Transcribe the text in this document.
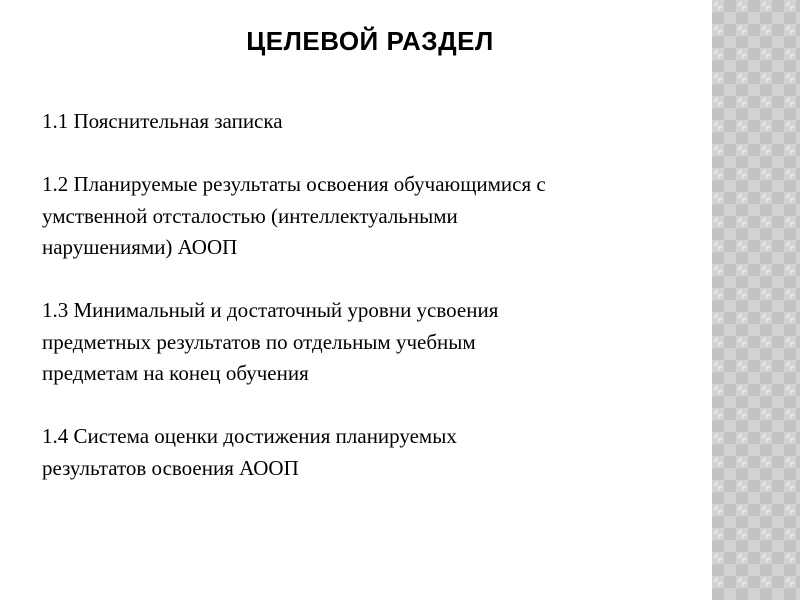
ЦЕЛЕВОЙ РАЗДЕЛ

1.1 Пояснительная записка

1.2 Планируемые результаты освоения обучающимися с
умственной отсталостью (интеллектуальными
нарушениями) АООП

1.3 Минимальный и достаточный уровни усвоения
предметных результатов по отдельным учебным
предметам на конец обучения

1.4 Система оценки достижения планируемых
результатов освоения АООП
